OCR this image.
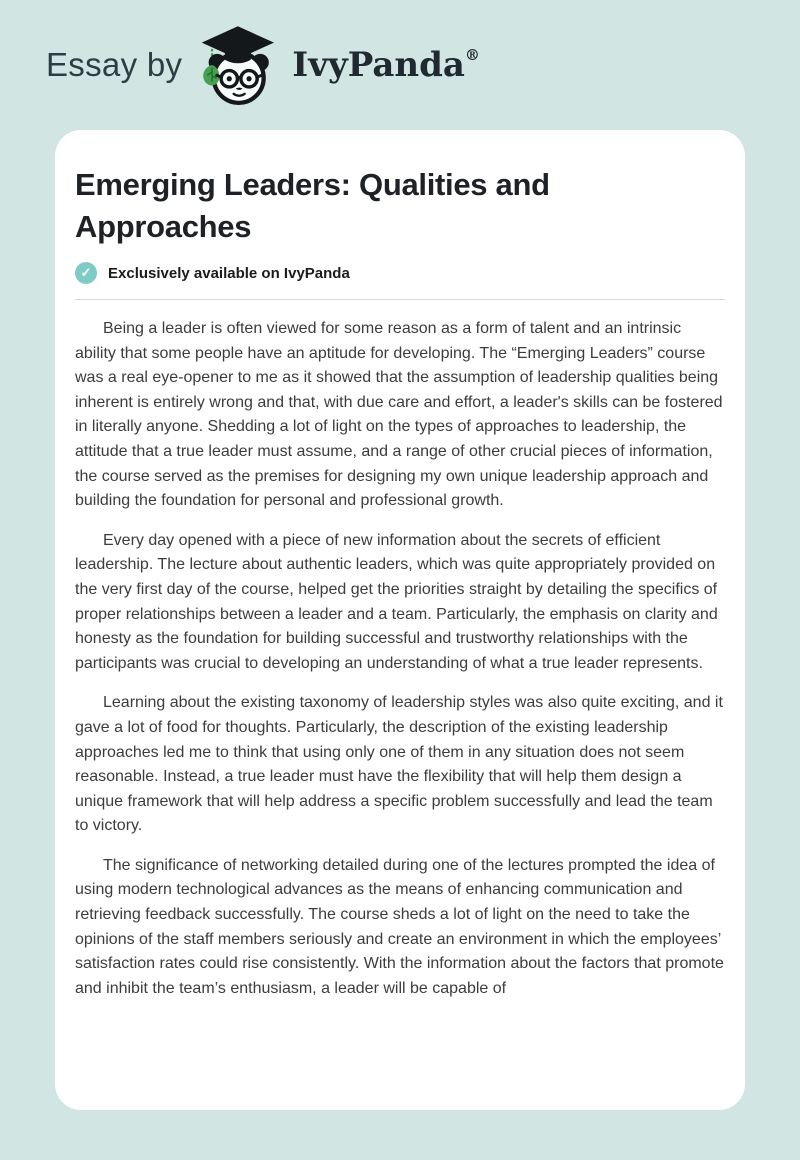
Essay by	IvyPanda®
Emerging Leaders: Qualities and Approaches
✓ Exclusively available on IvyPanda

Being a leader is often viewed for some reason as a form of talent and an intrinsic ability that some people have an aptitude for developing. The “Emerging Leaders” course was a real eye-opener to me as it showed that the assumption of leadership qualities being inherent is entirely wrong and that, with due care and effort, a leader's skills can be fostered in literally anyone. Shedding a lot of light on the types of approaches to leadership, the attitude that a true leader must assume, and a range of other crucial pieces of information, the course served as the premises for designing my own unique leadership approach and building the foundation for personal and professional growth.

Every day opened with a piece of new information about the secrets of efficient leadership. The lecture about authentic leaders, which was quite appropriately provided on the very first day of the course, helped get the priorities straight by detailing the specifics of proper relationships between a leader and a team. Particularly, the emphasis on clarity and honesty as the foundation for building successful and trustworthy relationships with the participants was crucial to developing an understanding of what a true leader represents.

Learning about the existing taxonomy of leadership styles was also quite exciting, and it gave a lot of food for thoughts. Particularly, the description of the existing leadership approaches led me to think that using only one of them in any situation does not seem reasonable. Instead, a true leader must have the flexibility that will help them design a unique framework that will help address a specific problem successfully and lead the team to victory.

The significance of networking detailed during one of the lectures prompted the idea of using modern technological advances as the means of enhancing communication and retrieving feedback successfully. The course sheds a lot of light on the need to take the opinions of the staff members seriously and create an environment in which the employees’ satisfaction rates could rise consistently. With the information about the factors that promote and inhibit the team’s enthusiasm, a leader will be capable of
